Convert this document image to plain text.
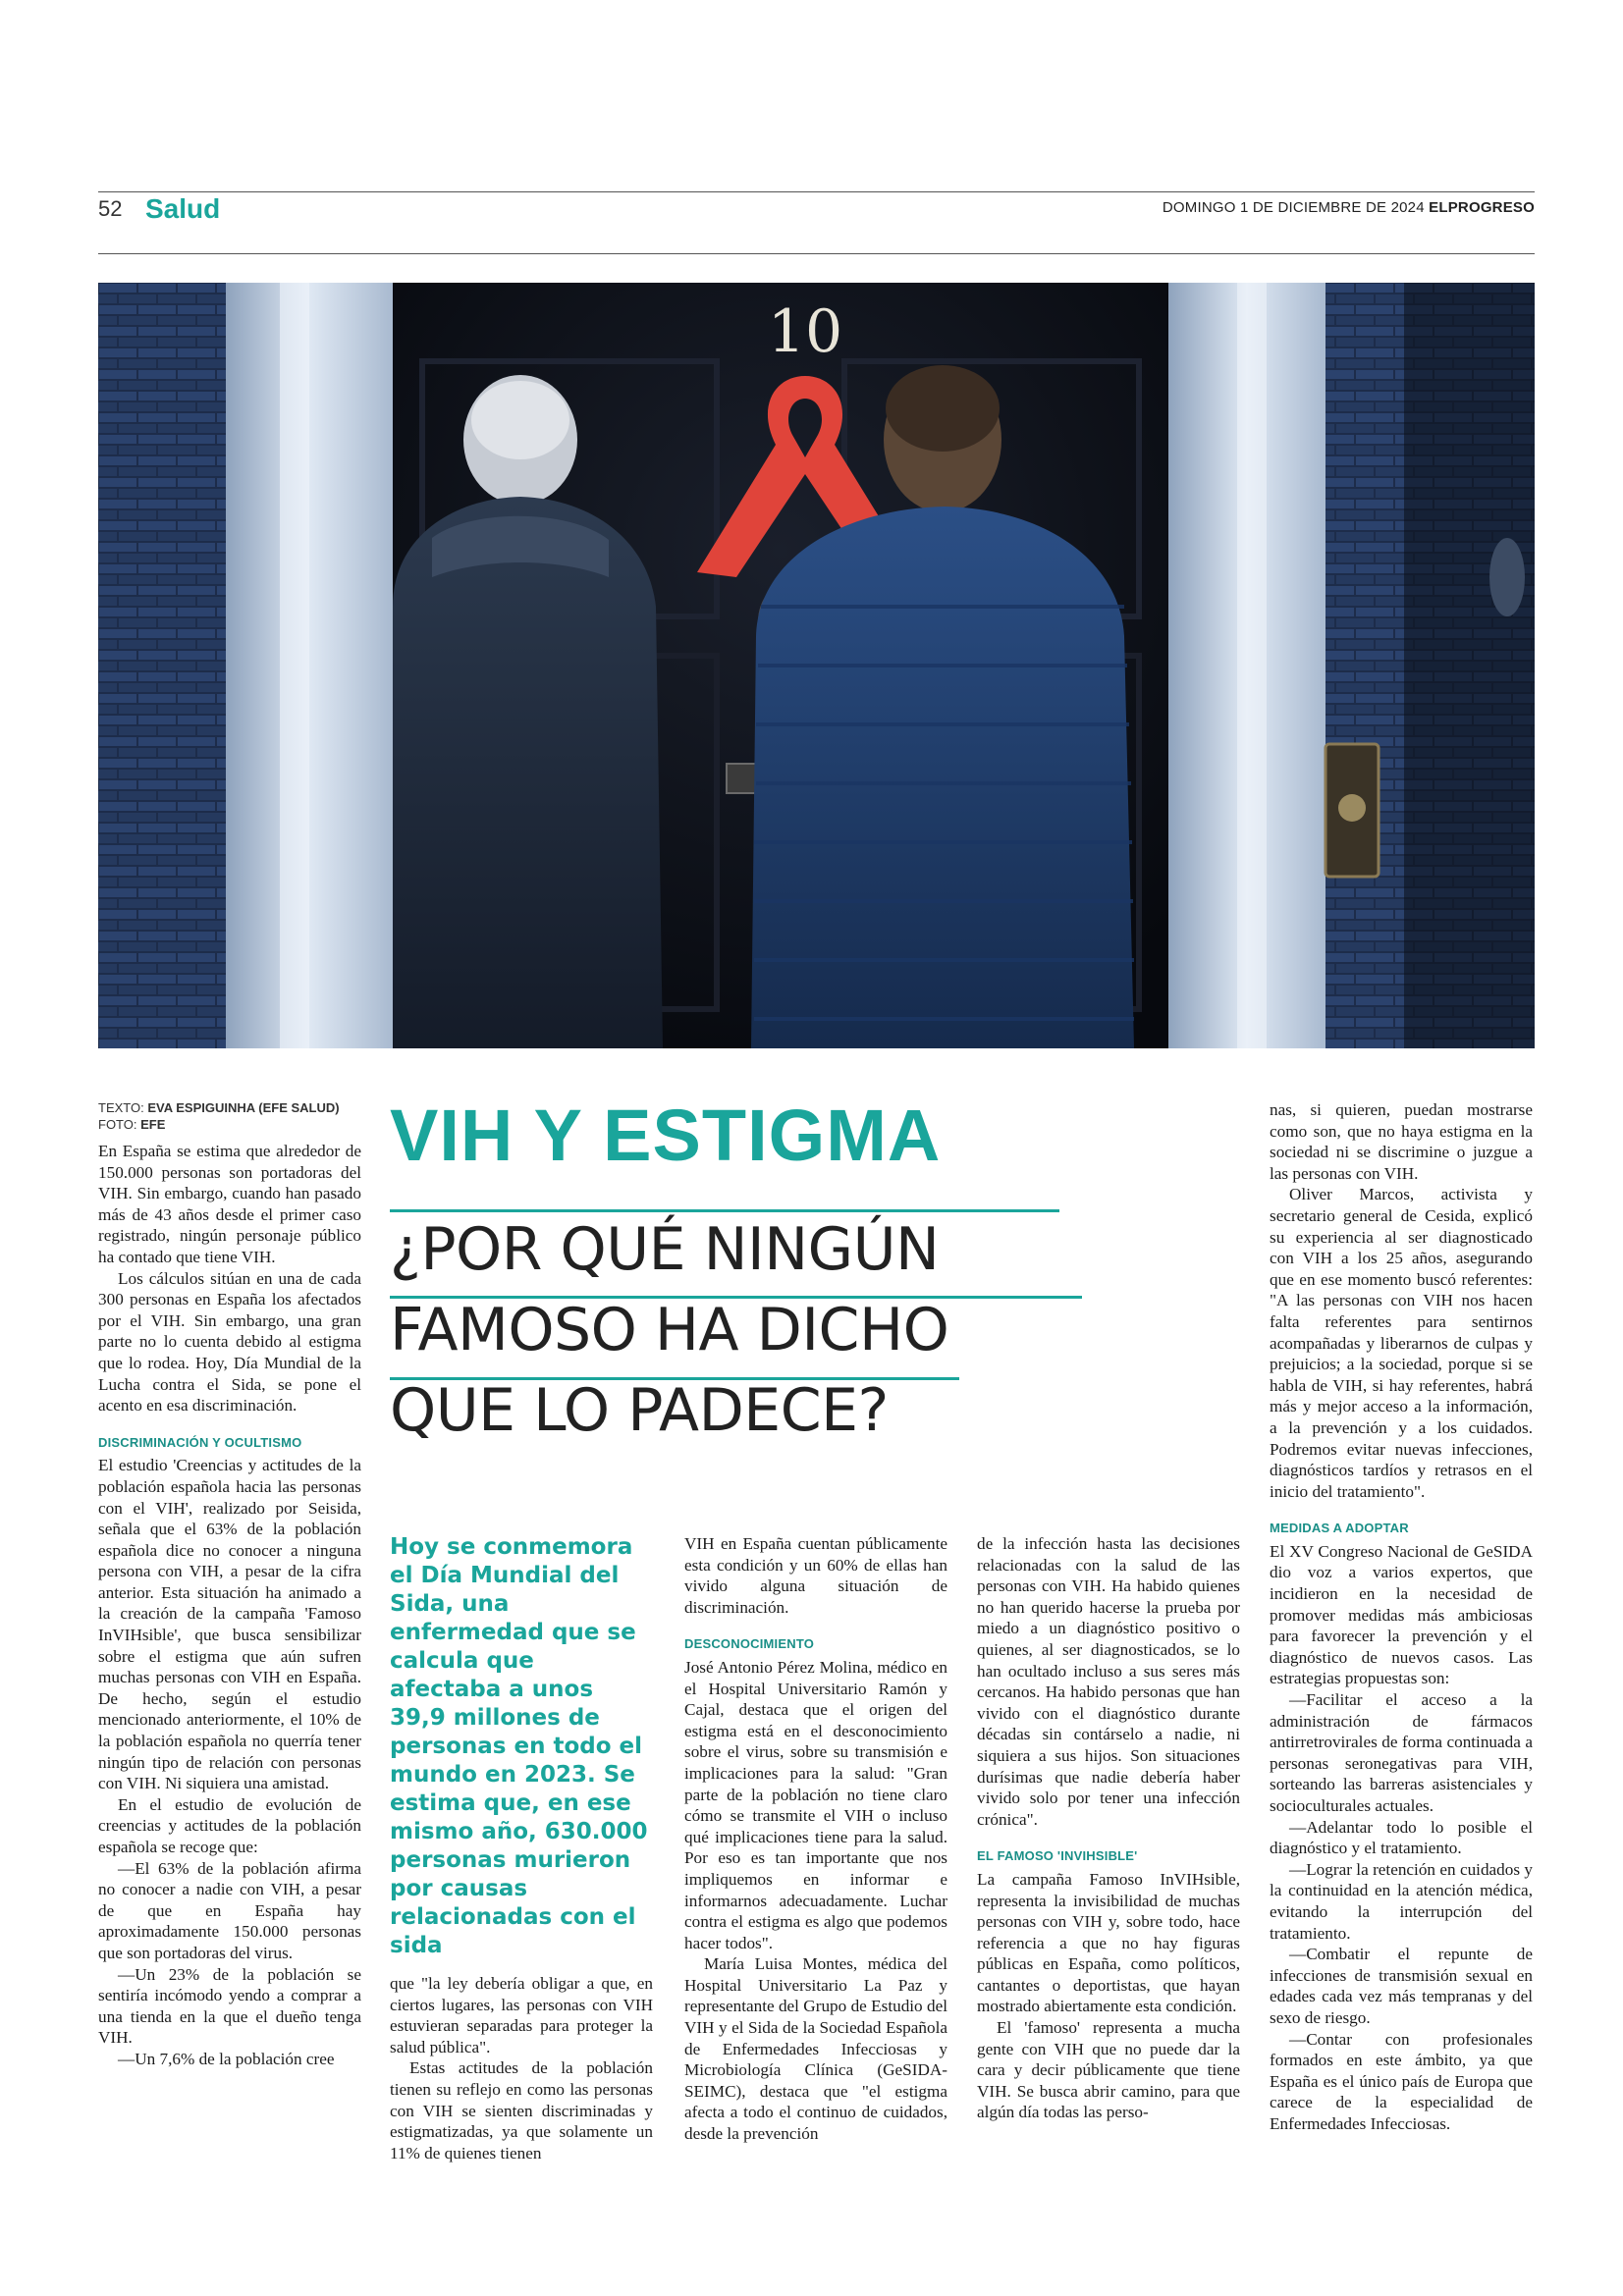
52 Salud	DOMINGO 1 DE DICIEMBRE DE 2024 ELPROGRESO
10
TEXTO: EVA ESPIGUINHA (EFE SALUD)
FOTO: EFE	VIH Y ESTIGMA
¿POR QUÉ NINGÚN
FAMOSO HA DICHO
QUE LO PADECE?
Hoy se conmemora el Día Mundial del Sida, una enfermedad que se calcula que afectaba a unos 39,9 millones de personas en todo el mundo en 2023. Se estima que, en ese mismo año, 630.000 personas murieron por causas relacionadas con el sida

En España se estima que alrededor de 150.000 personas son portadoras del VIH. Sin embargo, cuando han pasado más de 43 años desde el primer caso registrado, ningún personaje público ha contado que tiene VIH.

Los cálculos sitúan en una de cada 300 personas en España los afectados por el VIH. Sin embargo, una gran parte no lo cuenta debido al estigma que lo rodea. Hoy, Día Mundial de la Lucha contra el Sida, se pone el acento en esa discriminación.

DISCRIMINACIÓN Y OCULTISMO

El estudio 'Creencias y actitudes de la población española hacia las personas con el VIH', realizado por Seisida, señala que el 63% de la población española dice no conocer a ninguna persona con VIH, a pesar de la cifra anterior. Esta situación ha animado a la creación de la campaña 'Famoso InVIHsible', que busca sensibilizar sobre el estigma que aún sufren muchas personas con VIH en España. De hecho, según el estudio mencionado anteriormente, el 10% de la población española no querría tener ningún tipo de relación con personas con VIH. Ni siquiera una amistad.

En el estudio de evolución de creencias y actitudes de la población española se recoge que:

—El 63% de la población afirma no conocer a nadie con VIH, a pesar de que en España hay aproximadamente 150.000 personas que son portadoras del virus.

—Un 23% de la población se sentiría incómodo yendo a comprar a una tienda en la que el dueño tenga VIH.

—Un 7,6% de la población cree

que "la ley debería obligar a que, en ciertos lugares, las personas con VIH estuvieran separadas para proteger la salud pública".

Estas actitudes de la población tienen su reflejo en como las personas con VIH se sienten discriminadas y estigmatizadas, ya que solamente un 11% de quienes tienen

VIH en España cuentan públicamente esta condición y un 60% de ellas han vivido alguna situación de discriminación.

DESCONOCIMIENTO

José Antonio Pérez Molina, médico en el Hospital Universitario Ramón y Cajal, destaca que el origen del estigma está en el desconocimiento sobre el virus, sobre su transmisión e implicaciones para la salud: "Gran parte de la población no tiene claro cómo se transmite el VIH o incluso qué implicaciones tiene para la salud. Por eso es tan importante que nos impliquemos en informar e informarnos adecuadamente. Luchar contra el estigma es algo que podemos hacer todos".

María Luisa Montes, médica del Hospital Universitario La Paz y representante del Grupo de Estudio del VIH y el Sida de la Sociedad Española de Enfermedades Infecciosas y Microbiología Clínica (GeSIDA-SEIMC), destaca que "el estigma afecta a todo el continuo de cuidados, desde la prevención

de la infección hasta las decisiones relacionadas con la salud de las personas con VIH. Ha habido quienes no han querido hacerse la prueba por miedo a un diagnóstico positivo o quienes, al ser diagnosticados, se lo han ocultado incluso a sus seres más cercanos. Ha habido personas que han vivido con el diagnóstico durante décadas sin contárselo a nadie, ni siquiera a sus hijos. Son situaciones durísimas que nadie debería haber vivido solo por tener una infección crónica".

EL FAMOSO 'INVIHSIBLE'

La campaña Famoso InVIHsible, representa la invisibilidad de muchas personas con VIH y, sobre todo, hace referencia a que no hay figuras públicas en España, como políticos, cantantes o deportistas, que hayan mostrado abiertamente esta condición.

El 'famoso' representa a mucha gente con VIH que no puede dar la cara y decir públicamente que tiene VIH. Se busca abrir camino, para que algún día todas las perso-

nas, si quieren, puedan mostrarse como son, que no haya estigma en la sociedad ni se discrimine o juzgue a las personas con VIH.

Oliver Marcos, activista y secretario general de Cesida, explicó su experiencia al ser diagnosticado con VIH a los 25 años, asegurando que en ese momento buscó referentes: "A las personas con VIH nos hacen falta referentes para sentirnos acompañadas y liberarnos de culpas y prejuicios; a la sociedad, porque si se habla de VIH, si hay referentes, habrá más y mejor acceso a la información, a la prevención y a los cuidados. Podremos evitar nuevas infecciones, diagnósticos tardíos y retrasos en el inicio del tratamiento".

MEDIDAS A ADOPTAR

El XV Congreso Nacional de GeSIDA dio voz a varios expertos, que incidieron en la necesidad de promover medidas más ambiciosas para favorecer la prevención y el diagnóstico de nuevos casos. Las estrategias propuestas son:

—Facilitar el acceso a la administración de fármacos antirretrovirales de forma continuada a personas seronegativas para VIH, sorteando las barreras asistenciales y socioculturales actuales.

—Adelantar todo lo posible el diagnóstico y el tratamiento.

—Lograr la retención en cuidados y la continuidad en la atención médica, evitando la interrupción del tratamiento.

—Combatir el repunte de infecciones de transmisión sexual en edades cada vez más tempranas y del sexo de riesgo.

—Contar con profesionales formados en este ámbito, ya que España es el único país de Europa que carece de la especialidad de Enfermedades Infecciosas.
